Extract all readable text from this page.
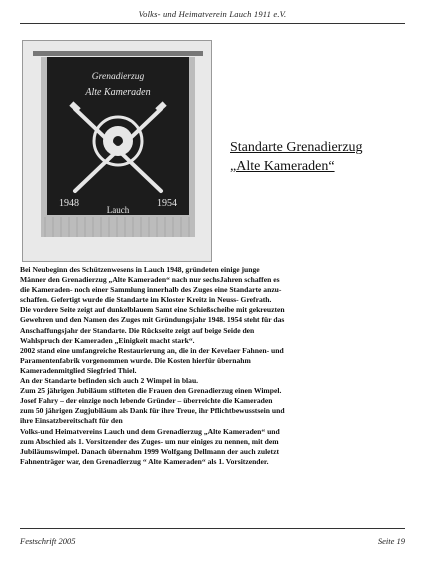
Volks- und Heimatverein Lauch 1911 e.V.
Grenadierzug
Alte Kameraden
1948
Lauch
1954
Standarte Grenadierzug
„Alte Kameraden“

Bei Neubeginn des Schützenwesens in Lauch 1948, gründeten einige junge

Männer den Grenadierzug „Alte Kameraden“ nach nur sechsJahren schaffen es

die Kameraden- noch einer Sammlung innerhalb des Zuges eine Standarte anzu-

schaffen. Gefertigt wurde die Standarte im Kloster Kreitz in Neuss- Grefrath.

Die vordere Seite zeigt auf dunkelblauem Samt eine Schießscheibe mit gekreuzten

Gewehren und den Namen des Zuges mit Gründungsjahr 1948. 1954 steht für das

Anschaffungsjahr der Standarte. Die Rückseite zeigt auf beige Seide den

Wahlspruch der Kameraden „Einigkeit macht stark“.

2002 stand eine umfangreiche Restaurierung an, die in der Kevelaer Fahnen- und

Paramentenfabrik vorgenommen wurde. Die Kosten hierfür übernahm

Kameradenmitglied Siegfried Thiel.

An der Standarte befinden sich auch 2 Wimpel in blau.

Zum 25 jährigen Jubiläum stifteten die Frauen den Grenadierzug einen Wimpel.

Josef Fahry – der einzige noch lebende Gründer – überreichte die Kameraden

zum 50 jährigen Zugjubiläum als Dank für ihre Treue, ihr Pflichtbewusstsein und

ihre Einsatzbereitschaft für den

Volks-und Heimatvereins Lauch und dem Grenadierzug „Alte Kameraden“ und

zum Abschied als 1. Vorsitzender des Zuges- um nur einiges zu nennen, mit dem

Jubiläumswimpel. Danach übernahm 1999 Wolfgang Dellmann der auch zuletzt

Fahnenträger war, den Grenadierzug “ Alte Kameraden“ als 1. Vorsitzender.

Festschrift 2005	Seite 19
